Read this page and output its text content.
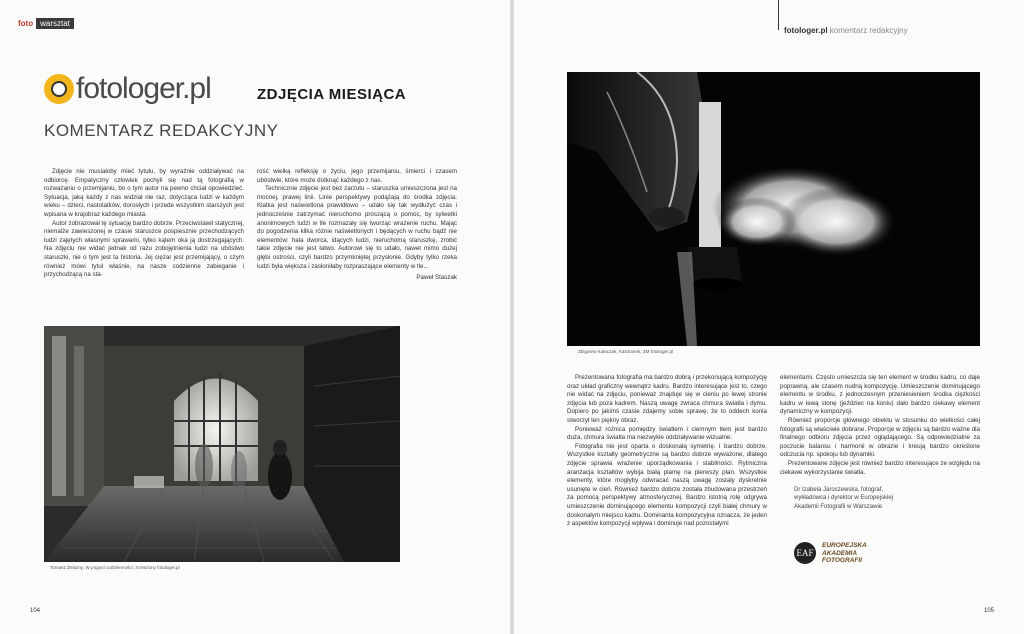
foto warsztat
fotologer.pl komentarz redakcyjny
fotologer.pl	ZDJĘCIA MIESIĄCA
KOMENTARZ REDAKCYJNY

Zdjęcie nie musiałoby mieć tytułu, by wyraźnie oddziaływać na odbiorcę. Empatyczny człowiek pochyli się nad tą fotografią w rozważaniu o przemijaniu, bo o tym autor na pewno chciał opowiedzieć. Sytuacja, jaką każdy z nas widział nie raz, dotycząca ludzi w każdym wieku – dzieci, nastolatków, dorosłych i przede wszystkim starszych jest wpisana w krajobraz każdego miasta.

Autor zobrazował tę sytuację bardzo dobrze. Przeciwstawił statycznej, niemalże zawieszonej w czasie staruszce pospiesznie przechodzących ludzi zajętych własnymi sprawami, tylko kątem oka ją dostrzegających. Na zdjęciu nie widać jednak od razu zobojętnienia ludzi na ubóstwo staruszki, nie o tym jest ta historia. Jej ciężar jest przemijający, o czym również mówi tytuł właśnie, na nasze codzienne zabieganie i przychodzącą na sta-

rość wielką refleksję o życiu, jego przemijaniu, śmierci i czasem ubóstwie, które może dotknąć każdego z nas.

Technicznie zdjęcie jest bez zarzutu – staruszka umieszczona jest na mocnej, prawej linii. Linie perspektywy podążają do środka zdjęcia. Klatka jest naświetlona prawidłowo – udało się tak wydłużyć czas i jednocześnie zatrzymać nieruchomo proszącą o pomoc, by sylwetki anonimowych ludzi w tle rozmazały się tworząc wrażenie ruchu. Mając do pogodzenia kilka różnie naświetlonych i będących w ruchu bądź nie elementów: hala dworca, idących ludzi, nieruchomą staruszkę, zrobić takie zdjęcie nie jest łatwo. Autorowi się to udało, nawet mimo dużej głębi ostrości, czyli bardzo przymkniętej przysłonie. Gdyby tylko rzeka ludzi była większa i zasłoniłaby rozpraszające elementy w tle...

Paweł Staszak

Tomasz Żelazny, W pogoni codzienności, zrzeszony fotologer.pl
Zbigniew Kułaczak, Kasztanek, ZM fotologer.pl

Prezentowana fotografia ma bardzo dobrą i przekonującą kompozycję oraz układ graficzny wewnątrz kadru. Bardzo interesujące jest to, czego nie widać na zdjęciu, ponieważ znajduje się w cieniu po lewej stronie zdjęcia lub poza kadrem. Naszą uwagę zwraca chmura światła i dymu. Dopiero po jakimś czasie zdajemy sobie sprawę, że to oddech konia stworzył ten piękny obraz.

Ponieważ różnica pomiędzy światłem i ciemnym tłem jest bardzo duża, chmura światła ma niezwykle oddziaływanie wizualne.

Fotografia nie jest oparta o doskonałą symetrię. I bardzo dobrze. Wszystkie kształty geometryczne są bardzo dobrze wyważone, dlatego zdjęcie sprawia wrażenie uporządkowania i stabilności. Rytmiczna aranżacja kształtów wybija białą plamę na pierwszy plan. Wszystkie elementy, które mogłyby odwracać naszą uwagę zostały dyskretnie usunięte w cień. Również bardzo dobrze została zbudowana przestrzeń za pomocą perspektywy atmosferycznej. Bardzo istotną rolę odgrywa umieszczenie dominującego elementu kompozycji czyli białej chmury w doskonałym miejscu kadru. Dominanta kompozycyjna oznacza, że jeden z aspektów kompozycji wpływa i dominuje nad pozostałymi

elementami. Często umieszcza się ten element w środku kadru, co daje poprawną, ale czasem nudną kompozycję. Umieszczenie dominującego elementu w środku, z jednoczesnym przeniesieniem środka ciężkości kadru w lewą stonę (jeździec na koniu) dało bardzo ciekawy element dynamiczny w kompozycji.

Również proporcje głównego obiektu w stosunku do wielkości całej fotografii są właściwie dobrane. Proporcje w zdjęciu są bardzo ważne dla finalnego odbioru zdjęcia przez oglądającego. Są odpowiedzialne za poczucie balansu i harmonii w obrazie i kreują bardzo określone odczucia np. spokoju lub dynamiki.

Prezentowane zdjęcie jest również bardzo interesujące ze względu na ciekawe wykorzystanie światła.

Dr Izabela Jaroszewska, fotograf,
wykładowca i dyrektor w Europejskiej
Akademii Fotografii w Warszawie
EAF
EUROPEJSKA
AKADEMIA
FOTOGRAFII
104	105
